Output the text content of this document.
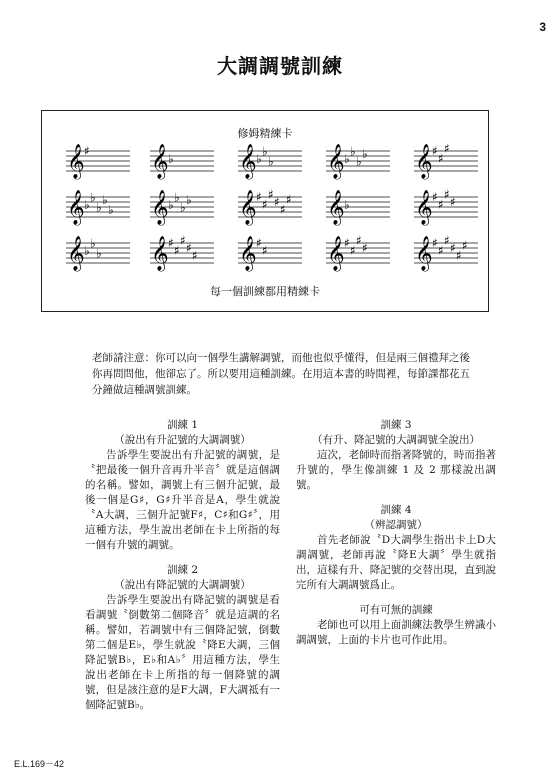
3
大調調號訓練
修姆精練卡
𝄞 ♯ 𝄞 ♭ 𝄞 ♭
♭
♭ 𝄞 ♭
♭
♭
♭ 𝄞 ♯
♯
♯
𝄞 ♭
♭
♭
♭
♭ 𝄞 ♭
♭
♭
♭ 𝄞 ♯
♯
♯
♯
♯
♯ 𝄞 ♭ 𝄞 ♯
♯
♯
♯
𝄞 ♭
♭
♭ 𝄞 ♯
♯
♯
♯
♯ 𝄞 ♯
♯ 𝄞 ♯
♯
♯
♯ 𝄞 ♯
♯
♯
♯
♯
♯
每一個訓練都用精練卡
老師請注意：你可以向一個學生講解調號，而他也似乎懂得，但是兩三個禮拜之後你再問問他，他卻忘了。所以要用這種訓練。在用這本書的時間裡，每節課都花五分鐘做這種調號訓練。
訓練 1
（說出有升記號的大調調號）
告訴學生要說出有升記號的調號，是〝把最後一個升音再升半音〞就是這個調的名稱。譬如，調號上有三個升記號，最後一個是G♯，G♯升半音是A，學生就說〝A大調，三個升記號F♯，C♯和G♯〞，用這種方法，學生說出老師在卡上所指的每一個有升號的調號。
訓練 2
（說出有降記號的大調調號）
告訴學生要說出有降記號的調號是看看調號〝倒數第二個降音〞就是這調的名稱。譬如，若調號中有三個降記號，倒數第二個是E♭，學生就說〝降E大調，三個降記號B♭，E♭和A♭〞用這種方法，學生說出老師在卡上所指的每一個降號的調號，但是該注意的是F大調，F大調祗有一個降記號B♭。
訓練 3
（有升、降記號的大調調號全說出）
這次，老師時而指著降號的，時而指著升號的，學生像訓練 1 及 2 那樣說出調號。
訓練 4
（辨認調號）
首先老師說〝D大調學生指出卡上D大調調號，老師再說〝降E大調〞學生就指出，這樣有升、降記號的交替出現，直到說完所有大調調號爲止。
可有可無的訓練
老師也可以用上面訓練法教學生辨識小調調號，上面的卡片也可作此用。
E.L.169－42
